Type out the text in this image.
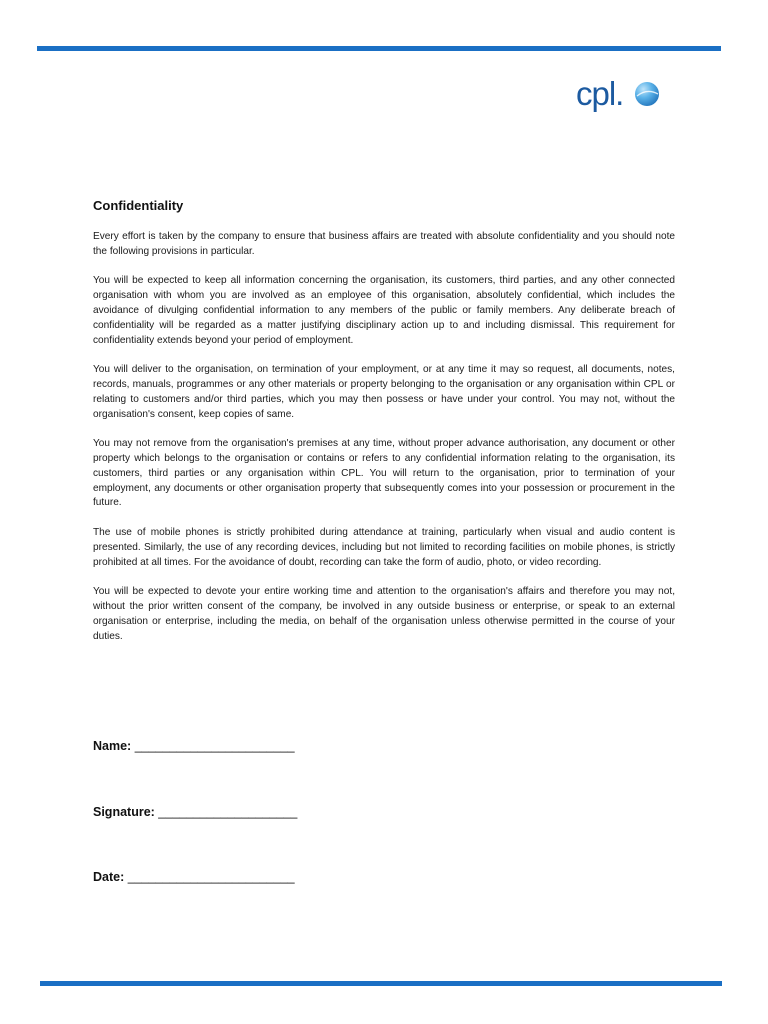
cpl.
Confidentiality

Every effort is taken by the company to ensure that business affairs are treated with absolute confidentiality and you should note the following provisions in particular.

You will be expected to keep all information concerning the organisation, its customers, third parties, and any other connected organisation with whom you are involved as an employee of this organisation, absolutely confidential, which includes the avoidance of divulging confidential information to any members of the public or family members. Any deliberate breach of confidentiality will be regarded as a matter justifying disciplinary action up to and including dismissal. This requirement for confidentiality extends beyond your period of employment.

You will deliver to the organisation, on termination of your employment, or at any time it may so request, all documents, notes, records, manuals, programmes or any other materials or property belonging to the organisation or any organisation within CPL or relating to customers and/or third parties, which you may then possess or have under your control. You may not, without the organisation's consent, keep copies of same.

You may not remove from the organisation's premises at any time, without proper advance authorisation, any document or other property which belongs to the organisation or contains or refers to any confidential information relating to the organisation, its customers, third parties or any organisation within CPL. You will return to the organisation, prior to termination of your employment, any documents or other organisation property that subsequently comes into your possession or procurement in the future.

The use of mobile phones is strictly prohibited during attendance at training, particularly when visual and audio content is presented. Similarly, the use of any recording devices, including but not limited to recording facilities on mobile phones, is strictly prohibited at all times. For the avoidance of doubt, recording can take the form of audio, photo, or video recording.

You will be expected to devote your entire working time and attention to the organisation's affairs and therefore you may not, without the prior written consent of the company, be involved in any outside business or enterprise, or speak to an external organisation or enterprise, including the media, on behalf of the organisation unless otherwise permitted in the course of your duties.

Name: _______________________
Signature: ____________________
Date: ________________________
